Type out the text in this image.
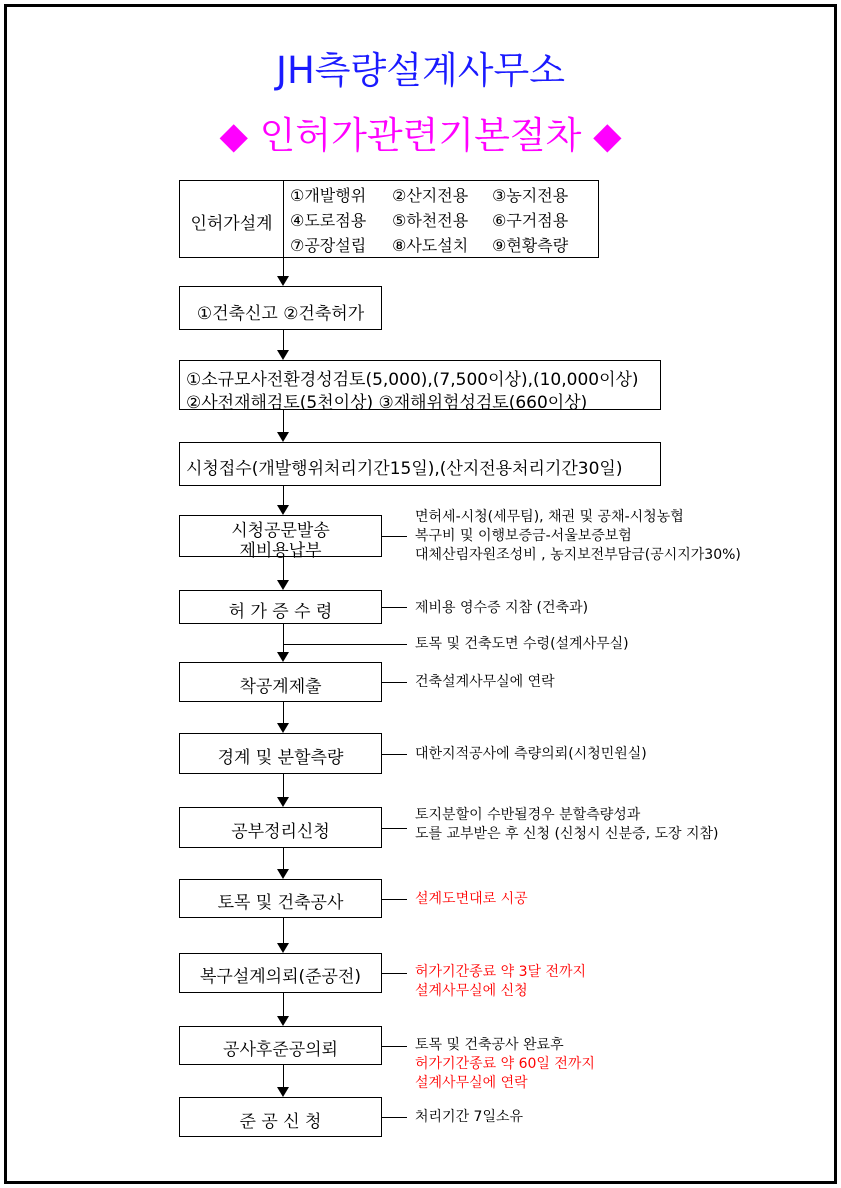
JH측량설계사무소
◆ 인허가관련기본절차 ◆
인허가설계
①개발행위 ②산지전용 ③농지전용
④도로점용 ⑤하천전용 ⑥구거점용
⑦공장설립 ⑧사도설치 ⑨현황측량
①건축신고 ②건축허가
①소규모사전환경성검토(5,000),(7,500이상),(10,000이상)
②사전재해검토(5천이상) ③재해위험성검토(660이상)
시청접수(개발행위처리기간15일),(산지전용처리기간30일)
시청공문발송
제비용납부
면허세-시청(세무팀), 채권 및 공채-시청농협
복구비 및 이행보증금-서울보증보험
대체산림자원조성비 , 농지보전부담금(공시지가30%)
허 가 증 수 령	제비용 영수증 지참 (건축과)
착공계제출	건축설계사무실에 연락
경계 및 분할측량	대한지적공사에 측량의뢰(시청민원실)
공부정리신청
토지분할이 수반될경우 분할측량성과
도를 교부받은 후 신청 (신청시 신분증, 도장 지참)
토목 및 건축공사	설계도면대로 시공
복구설계의뢰(준공전)	허가기간종료 약 3달 전까지
설계사무실에 신청
공사후준공의뢰	토목 및 건축공사 완료후
허가기간종료 약 60일 전까지
설계사무실에 연락
준 공 신 청	처리기간 7일소유
토목 및 건축도면 수령(설계사무실)
